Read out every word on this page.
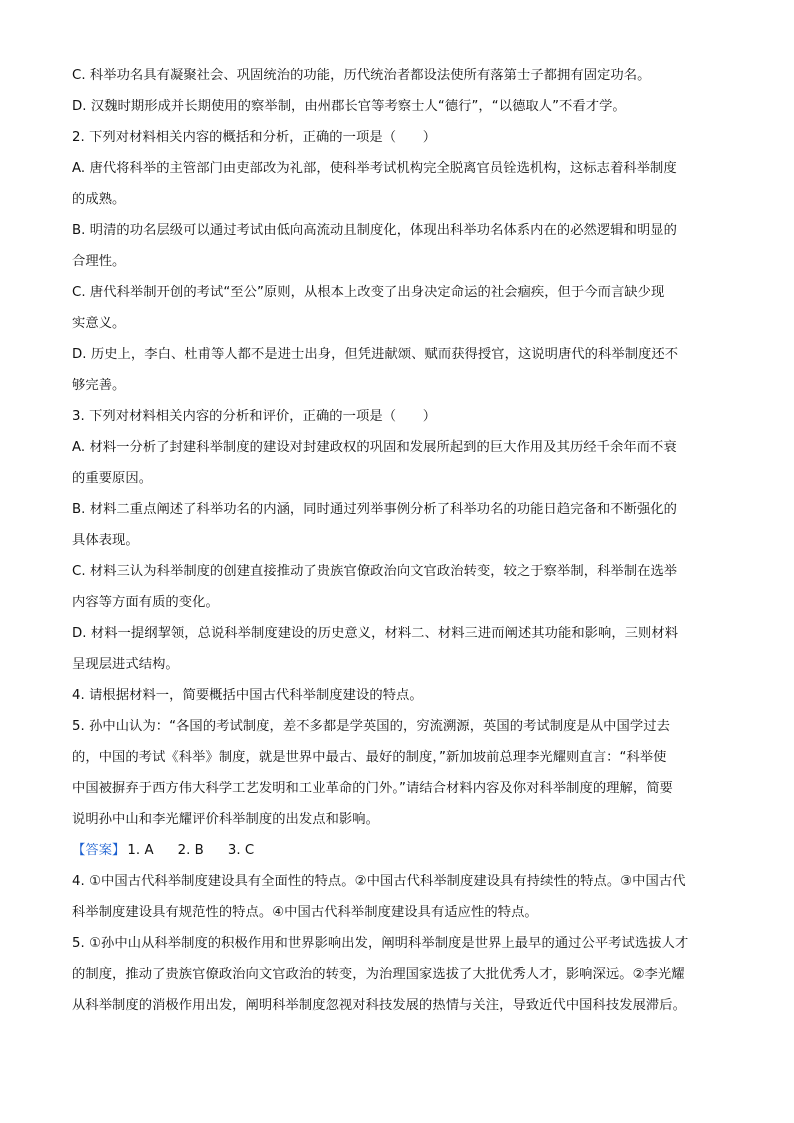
C. 科举功名具有凝聚社会、巩固统治的功能，历代统治者都设法使所有落第士子都拥有固定功名。
D. 汉魏时期形成并长期使用的察举制，由州郡长官等考察士人“德行”，“以德取人”不看才学。
2. 下列对材料相关内容的概括和分析，正确的一项是（　　）
A. 唐代将科举的主管部门由吏部改为礼部，使科举考试机构完全脱离官员铨选机构，这标志着科举制度
的成熟。
B. 明清的功名层级可以通过考试由低向高流动且制度化，体现出科举功名体系内在的必然逻辑和明显的
合理性。
C. 唐代科举制开创的考试“至公”原则，从根本上改变了出身决定命运的社会痼疾，但于今而言缺少现
实意义。
D. 历史上，李白、杜甫等人都不是进士出身，但凭进献颂、赋而获得授官，这说明唐代的科举制度还不
够完善。
3. 下列对材料相关内容的分析和评价，正确的一项是（　　）
A. 材料一分析了封建科举制度的建设对封建政权的巩固和发展所起到的巨大作用及其历经千余年而不衰
的重要原因。
B. 材料二重点阐述了科举功名的内涵，同时通过列举事例分析了科举功名的功能日趋完备和不断强化的
具体表现。
C. 材料三认为科举制度的创建直接推动了贵族官僚政治向文官政治转变，较之于察举制，科举制在选举
内容等方面有质的变化。
D. 材料一提纲挈领，总说科举制度建设的历史意义，材料二、材料三进而阐述其功能和影响，三则材料
呈现层进式结构。
4. 请根据材料一，简要概括中国古代科举制度建设的特点。
5. 孙中山认为：“各国的考试制度，差不多都是学英国的，穷流溯源，英国的考试制度是从中国学过去
的，中国的考试《科举》制度，就是世界中最古、最好的制度，”新加坡前总理李光耀则直言：“科举使
中国被摒弃于西方伟大科学工艺发明和工业革命的门外。”请结合材料内容及你对科举制度的理解，简要
说明孙中山和李光耀评价科举制度的出发点和影响。
【答案】 1. A 2. B 3. C
4. ①中国古代科举制度建设具有全面性的特点。②中国古代科举制度建设具有持续性的特点。③中国古代
科举制度建设具有规范性的特点。④中国古代科举制度建设具有适应性的特点。
5. ①孙中山从科举制度的积极作用和世界影响出发，阐明科举制度是世界上最早的通过公平考试选拔人才
的制度，推动了贵族官僚政治向文官政治的转变，为治理国家选拔了大批优秀人才，影响深远。②李光耀
从科举制度的消极作用出发，阐明科举制度忽视对科技发展的热情与关注，导致近代中国科技发展滞后。
